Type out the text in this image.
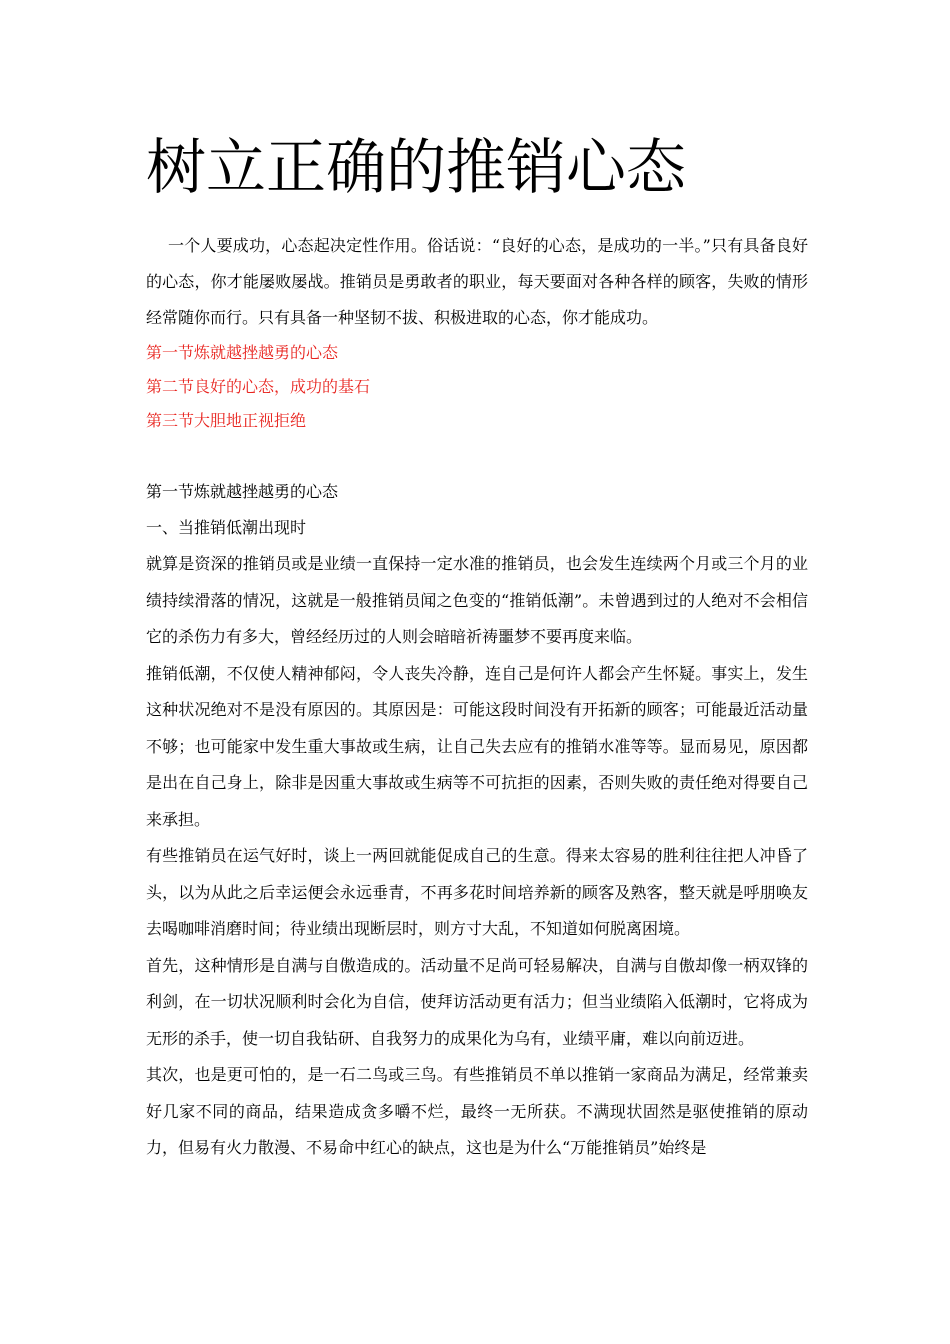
树立正确的推销心态

一个人要成功，心态起决定性作用。俗话说：“良好的心态，是成功的一半。”只有具备良好的心态，你才能屡败屡战。推销员是勇敢者的职业，每天要面对各种各样的顾客，失败的情形经常随你而行。只有具备一种坚韧不拔、积极进取的心态，你才能成功。

第一节炼就越挫越勇的心态
第二节良好的心态，成功的基石
第三节大胆地正视拒绝
第一节炼就越挫越勇的心态
一、当推销低潮出现时

就算是资深的推销员或是业绩一直保持一定水准的推销员，也会发生连续两个月或三个月的业绩持续滑落的情况，这就是一般推销员闻之色变的“推销低潮”。未曾遇到过的人绝对不会相信它的杀伤力有多大，曾经经历过的人则会暗暗祈祷噩梦不要再度来临。

推销低潮，不仅使人精神郁闷，令人丧失冷静，连自己是何许人都会产生怀疑。事实上，发生这种状况绝对不是没有原因的。其原因是：可能这段时间没有开拓新的顾客；可能最近活动量不够；也可能家中发生重大事故或生病，让自己失去应有的推销水准等等。显而易见，原因都是出在自己身上，除非是因重大事故或生病等不可抗拒的因素，否则失败的责任绝对得要自己来承担。

有些推销员在运气好时，谈上一两回就能促成自己的生意。得来太容易的胜利往往把人冲昏了头，以为从此之后幸运便会永远垂青，不再多花时间培养新的顾客及熟客，整天就是呼朋唤友去喝咖啡消磨时间；待业绩出现断层时，则方寸大乱，不知道如何脱离困境。

首先，这种情形是自满与自傲造成的。活动量不足尚可轻易解决，自满与自傲却像一柄双锋的利剑，在一切状况顺利时会化为自信，使拜访活动更有活力；但当业绩陷入低潮时，它将成为无形的杀手，使一切自我钻研、自我努力的成果化为乌有，业绩平庸，难以向前迈进。

其次，也是更可怕的，是一石二鸟或三鸟。有些推销员不单以推销一家商品为满足，经常兼卖好几家不同的商品，结果造成贪多嚼不烂，最终一无所获。不满现状固然是驱使推销的原动力，但易有火力散漫、不易命中红心的缺点，这也是为什么“万能推销员”始终是
